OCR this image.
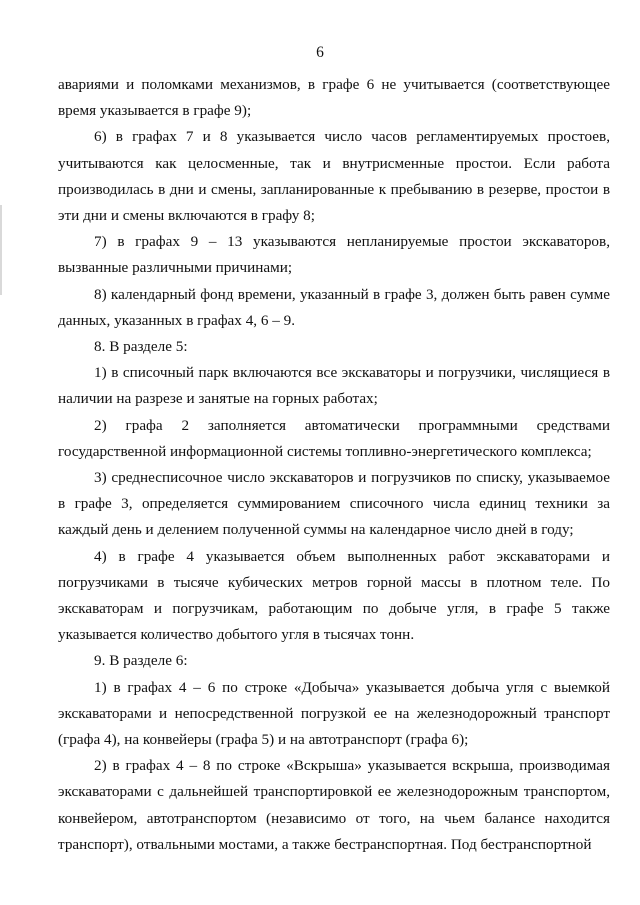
6

авариями и поломками механизмов, в графе 6 не учитывается (соответствующее время указывается в графе 9);

6) в графах 7 и 8 указывается число часов регламентируемых простоев, учитываются как целосменные, так и внутрисменные простои. Если работа производилась в дни и смены, запланированные к пребыванию в резерве, простои в эти дни и смены включаются в графу 8;

7) в графах 9 – 13 указываются непланируемые простои экскаваторов, вызванные различными причинами;

8) календарный фонд времени, указанный в графе 3, должен быть равен сумме данных, указанных в графах 4, 6 – 9.

8. В разделе 5:

1) в списочный парк включаются все экскаваторы и погрузчики, числящиеся в наличии на разрезе и занятые на горных работах;

2) графа 2 заполняется автоматически программными средствами государственной информационной системы топливно-энергетического комплекса;

3) среднесписочное число экскаваторов и погрузчиков по списку, указываемое в графе 3, определяется суммированием списочного числа единиц техники за каждый день и делением полученной суммы на календарное число дней в году;

4) в графе 4 указывается объем выполненных работ экскаваторами и погрузчиками в тысяче кубических метров горной массы в плотном теле. По экскаваторам и погрузчикам, работающим по добыче угля, в графе 5 также указывается количество добытого угля в тысячах тонн.

9. В разделе 6:

1) в графах 4 – 6 по строке «Добыча» указывается добыча угля с выемкой экскаваторами и непосредственной погрузкой ее на железнодорожный транспорт (графа 4), на конвейеры (графа 5) и на автотранспорт (графа 6);

2) в графах 4 – 8 по строке «Вскрыша» указывается вскрыша, производимая экскаваторами с дальнейшей транспортировкой ее железнодорожным транспортом, конвейером, автотранспортом (независимо от того, на чьем балансе находится транспорт), отвальными мостами, а также бестранспортная. Под бестранспортной
